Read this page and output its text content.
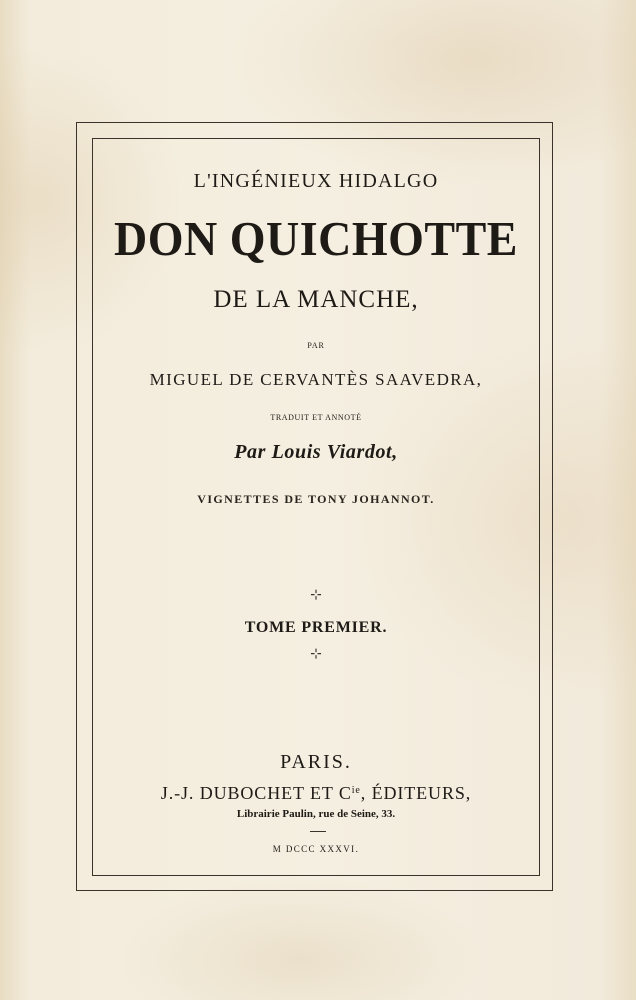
L'INGÉNIEUX HIDALGO
DON QUICHOTTE
DE LA MANCHE,
PAR
MIGUEL DE CERVANTÈS SAAVEDRA,
TRADUIT ET ANNOTÉ
Par Louis Viardot,
VIGNETTES DE TONY JOHANNOT.
⊹
TOME PREMIER.
⊹
PARIS.
J.-J. DUBOCHET ET $C^{ie}$, ÉDITEURS,
Librairie Paulin, rue de Seine, 33.
M DCCC XXXVI.
